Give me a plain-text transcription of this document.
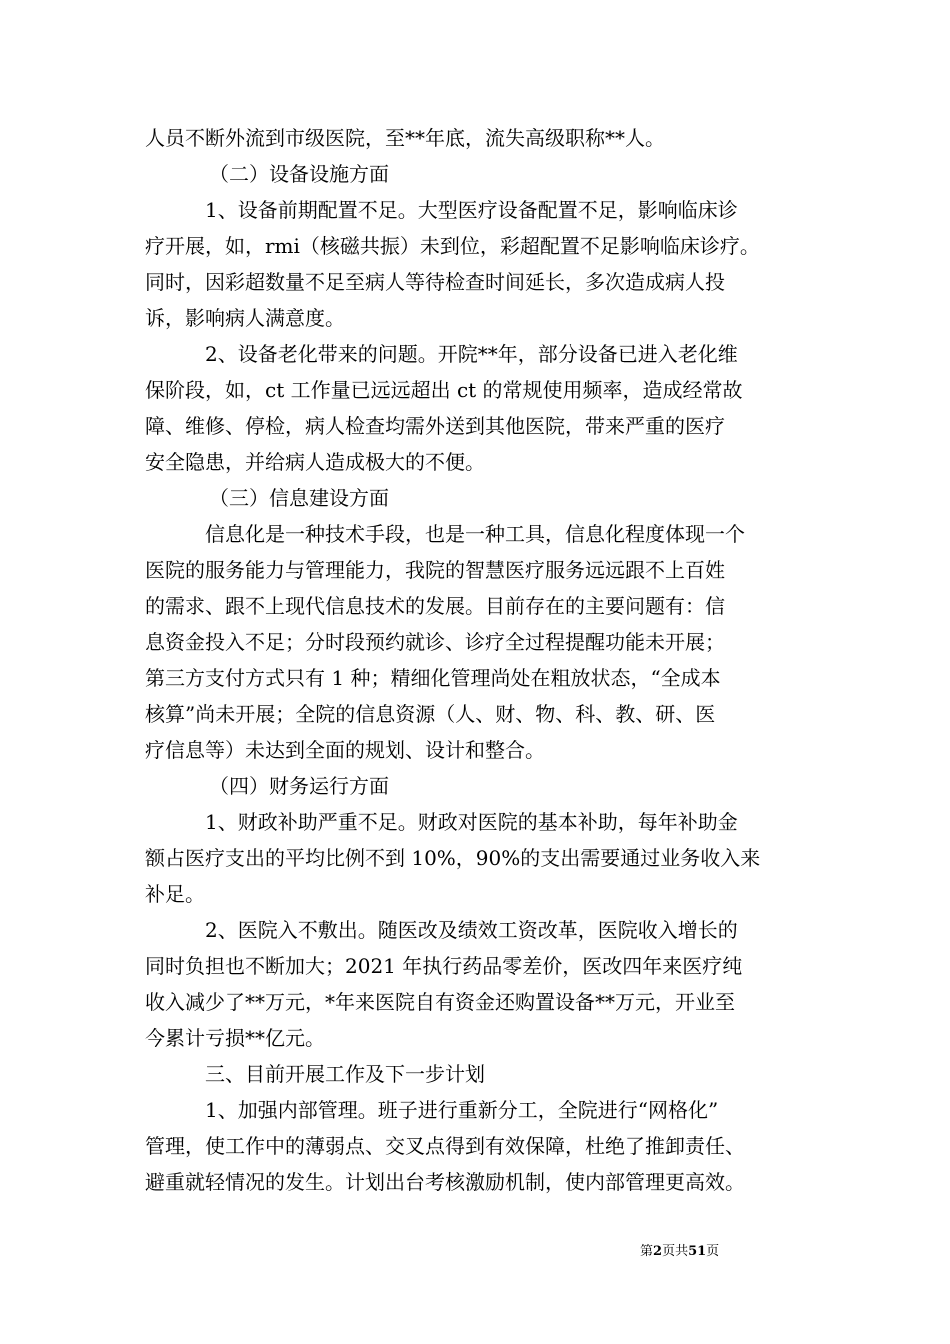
人员不断外流到市级医院，至**年底，流失高级职称**人。
（二）设备设施方面
1、设备前期配置不足。大型医疗设备配置不足，影响临床诊
疗开展，如，rmi（核磁共振）未到位，彩超配置不足影响临床诊疗。
同时，因彩超数量不足至病人等待检查时间延长，多次造成病人投
诉，影响病人满意度。
2、设备老化带来的问题。开院**年，部分设备已进入老化维
保阶段，如，ct 工作量已远远超出 ct 的常规使用频率，造成经常故
障、维修、停检，病人检查均需外送到其他医院，带来严重的医疗
安全隐患，并给病人造成极大的不便。
（三）信息建设方面
信息化是一种技术手段，也是一种工具，信息化程度体现一个
医院的服务能力与管理能力，我院的智慧医疗服务远远跟不上百姓
的需求、跟不上现代信息技术的发展。目前存在的主要问题有：信
息资金投入不足；分时段预约就诊、诊疗全过程提醒功能未开展；
第三方支付方式只有 1 种；精细化管理尚处在粗放状态，“全成本
核算”尚未开展；全院的信息资源（人、财、物、科、教、研、医
疗信息等）未达到全面的规划、设计和整合。
（四）财务运行方面
1、财政补助严重不足。财政对医院的基本补助，每年补助金
额占医疗支出的平均比例不到 10%，90%的支出需要通过业务收入来
补足。
2、医院入不敷出。随医改及绩效工资改革，医院收入增长的
同时负担也不断加大；2021 年执行药品零差价，医改四年来医疗纯
收入减少了**万元，*年来医院自有资金还购置设备**万元，开业至
今累计亏损**亿元。
三、目前开展工作及下一步计划
1、加强内部管理。班子进行重新分工，全院进行“网格化”
管理，使工作中的薄弱点、交叉点得到有效保障，杜绝了推卸责任、
避重就轻情况的发生。计划出台考核激励机制，使内部管理更高效。
第2页共51页
